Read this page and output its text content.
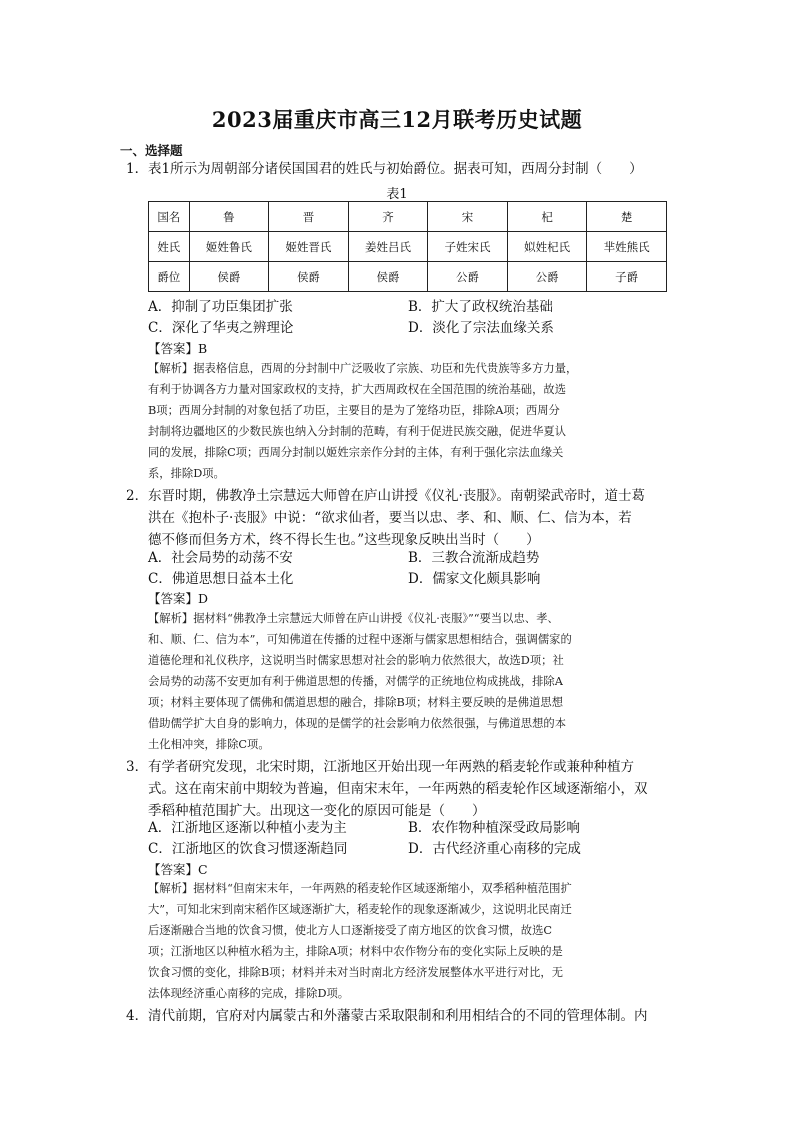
2023届重庆市高三12月联考历史试题
一、选择题
1． 表1所示为周朝部分诸侯国国君的姓氏与初始爵位。据表可知，西周分封制（　　）
表1
国名	鲁	晋	齐	宋	杞	楚
姓氏	姬姓鲁氏	姬姓晋氏	姜姓吕氏	子姓宋氏	姒姓杞氏	芈姓熊氏
爵位	侯爵	侯爵	侯爵	公爵	公爵	子爵
A．抑制了功臣集团扩张	B．扩大了政权统治基础
C．深化了华夷之辨理论	D．淡化了宗法血缘关系
【答案】B
【解析】据表格信息，西周的分封制中广泛吸收了宗族、功臣和先代贵族等多方力量，
有利于协调各方力量对国家政权的支持，扩大西周政权在全国范围的统治基础，故选
B项；西周分封制的对象包括了功臣，主要目的是为了笼络功臣，排除A项；西周分
封制将边疆地区的少数民族也纳入分封制的范畴，有利于促进民族交融，促进华夏认
同的发展，排除C项；西周分封制以姬姓宗亲作分封的主体，有利于强化宗法血缘关
系，排除D项。
2． 东晋时期，佛教净土宗慧远大师曾在庐山讲授《仪礼·丧服》。南朝梁武帝时，道士葛
洪在《抱朴子·丧服》中说：“欲求仙者，要当以忠、孝、和、顺、仁、信为本，若
德不修而但务方术，终不得长生也。”这些现象反映出当时（　　）
A．社会局势的动荡不安	B．三教合流渐成趋势
C．佛道思想日益本土化	D．儒家文化颇具影响
【答案】D
【解析】据材料“佛教净土宗慧远大师曾在庐山讲授《仪礼·丧服》”“要当以忠、孝、
和、顺、仁、信为本”，可知佛道在传播的过程中逐渐与儒家思想相结合，强调儒家的
道德伦理和礼仪秩序，这说明当时儒家思想对社会的影响力依然很大，故选D项；社
会局势的动荡不安更加有利于佛道思想的传播，对儒学的正统地位构成挑战，排除A
项；材料主要体现了儒佛和儒道思想的融合，排除B项；材料主要反映的是佛道思想
借助儒学扩大自身的影响力，体现的是儒学的社会影响力依然很强，与佛道思想的本
土化相冲突，排除C项。
3． 有学者研究发现，北宋时期，江浙地区开始出现一年两熟的稻麦轮作或兼种种植方
式。这在南宋前中期较为普遍，但南宋末年，一年两熟的稻麦轮作区域逐渐缩小，双
季稻种植范围扩大。出现这一变化的原因可能是（　　）
A．江浙地区逐渐以种植小麦为主	B．农作物种植深受政局影响
C．江浙地区的饮食习惯逐渐趋同	D．古代经济重心南移的完成
【答案】C
【解析】据材料“但南宋末年，一年两熟的稻麦轮作区域逐渐缩小，双季稻种植范围扩
大”，可知北宋到南宋稻作区域逐渐扩大，稻麦轮作的现象逐渐减少，这说明北民南迁
后逐渐融合当地的饮食习惯，使北方人口逐渐接受了南方地区的饮食习惯，故选C
项；江浙地区以种植水稻为主，排除A项；材料中农作物分布的变化实际上反映的是
饮食习惯的变化，排除B项；材料并未对当时南北方经济发展整体水平进行对比，无
法体现经济重心南移的完成，排除D项。
4． 清代前期，官府对内属蒙古和外藩蒙古采取限制和利用相结合的不同的管理体制。内
